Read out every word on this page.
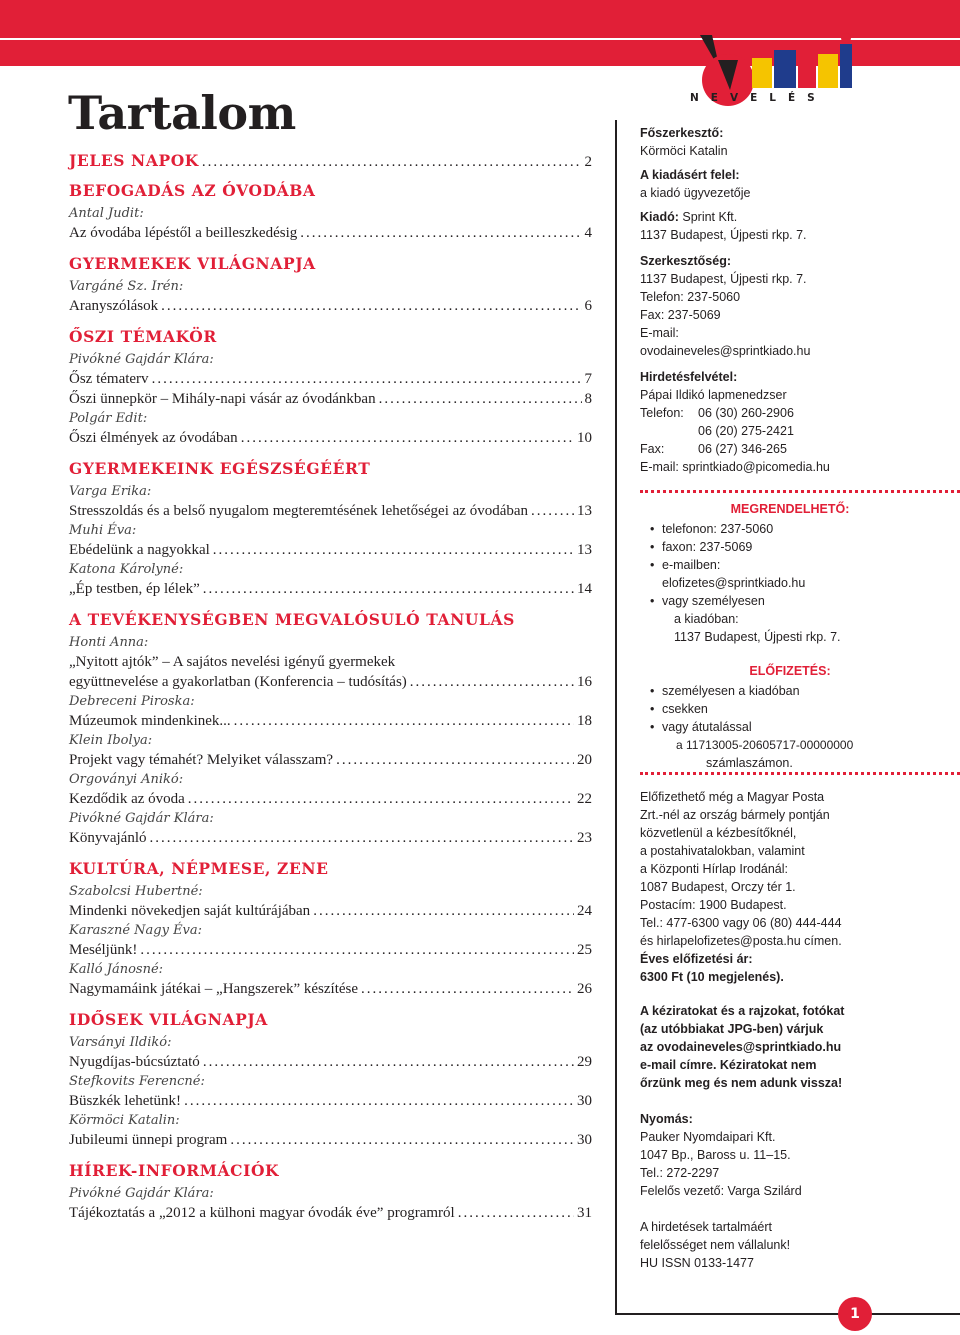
Tartalom
JELES NAPOK .....	2
BEFOGADÁS AZ ÓVODÁBA
Antal Judit:
Az óvodába lépéstől a beilleszkedésig .....	4
GYERMEKEK VILÁGNAPJA
Vargáné Sz. Irén:
Aranyszólások .....	6
ŐSZI TÉMAKÖR
Pivókné Gajdár Klára:
Ősz tématerv .....	7
Őszi ünnepkör – Mihály-napi vásár az óvodánkban .....	8
Polgár Edit:
Őszi élmények az óvodában .....	10
GYERMEKEINK EGÉSZSÉGÉÉRT
Varga Erika:
Stresszoldás és a belső nyugalom megteremtésének lehetőségei az óvodában .....	13
Muhi Éva:
Ebédelünk a nagyokkal .....	13
Katona Károlyné:
„Ép testben, ép lélek” .....	14
A TEVÉKENYSÉGBEN MEGVALÓSULÓ TANULÁS
Honti Anna:
„Nyitott ajtók” – A sajátos nevelési igényű gyermekek
együttnevelése a gyakorlatban (Konferencia – tudósítás) .....	16
Debreceni Piroska:
Múzeumok mindenkinek... .....	18
Klein Ibolya:
Projekt vagy témahét? Melyiket válasszam? .....	20
Orgoványi Anikó:
Kezdődik az óvoda .....	22
Pivókné Gajdár Klára:
Könyvajánló .....	23
KULTÚRA, NÉPMESE, ZENE
Szabolcsi Hubertné:
Mindenki növekedjen saját kultúrájában .....	24
Karaszné Nagy Éva:
Meséljünk! .....	25
Kalló Jánosné:
Nagymamáink játékai – „Hangszerek” készítése .....	26
IDŐSEK VILÁGNAPJA
Varsányi Ildikó:
Nyugdíjas-búcsúztató .....	29
Stefkovits Ferencné:
Büszkék lehetünk! .....	30
Körmöci Katalin:
Jubileumi ünnepi program .....	30
HÍREK-INFORMÁCIÓK
Pivókné Gajdár Klára:
Tájékoztatás a „2012 a külhoni magyar óvodák éve” programról .....	31
NEVELÉS
Főszerkesztő:
Körmöci Katalin
A kiadásért felel:
a kiadó ügyvezetője
Kiadó: Sprint Kft.
1137 Budapest, Újpesti rkp. 7.
Szerkesztőség:
1137 Budapest, Újpesti rkp. 7.
Telefon: 237-5060
Fax: 237-5069
E-mail:
ovodaineveles@sprintkiado.hu
Hirdetésfelvétel:
Pápai Ildikó lapmenedzser
Telefon:	06 (30) 260-2906
06 (20) 275-2421
Fax:	06 (27) 346-265
E-mail: sprintkiado@picomedia.hu
MEGRENDELHETŐ:
• telefonon: 237-5060
• faxon: 237-5069
• e-mailben:
elofizetes@sprintkiado.hu
• vagy személyesen
a kiadóban:
1137 Budapest, Újpesti rkp. 7.
ELŐFIZETÉS:
• személyesen a kiadóban
• csekken
• vagy átutalással
a 11713005-20605717-00000000
számlaszámon.
Előfizethető még a Magyar Posta
Zrt.-nél az ország bármely pontján
közvetlenül a kézbesítőknél,
a postahivatalokban, valamint
a Központi Hírlap Irodánál:
1087 Budapest, Orczy tér 1.
Postacím: 1900 Budapest.
Tel.: 477-6300 vagy 06 (80) 444-444
és hirlapelofizetes@posta.hu címen.
Éves előfizetési ár:
6300 Ft (10 megjelenés).
A kéziratokat és a rajzokat, fotókat
(az utóbbiakat JPG-ben) várjuk
az ovodaineveles@sprintkiado.hu
e-mail címre. Kéziratokat nem
őrzünk meg és nem adunk vissza!
Nyomás:
Pauker Nyomdaipari Kft.
1047 Bp., Baross u. 11–15.
Tel.: 272-2297
Felelős vezető: Varga Szilárd
A hirdetések tartalmáért
felelősséget nem vállalunk!
HU ISSN 0133-1477
1
